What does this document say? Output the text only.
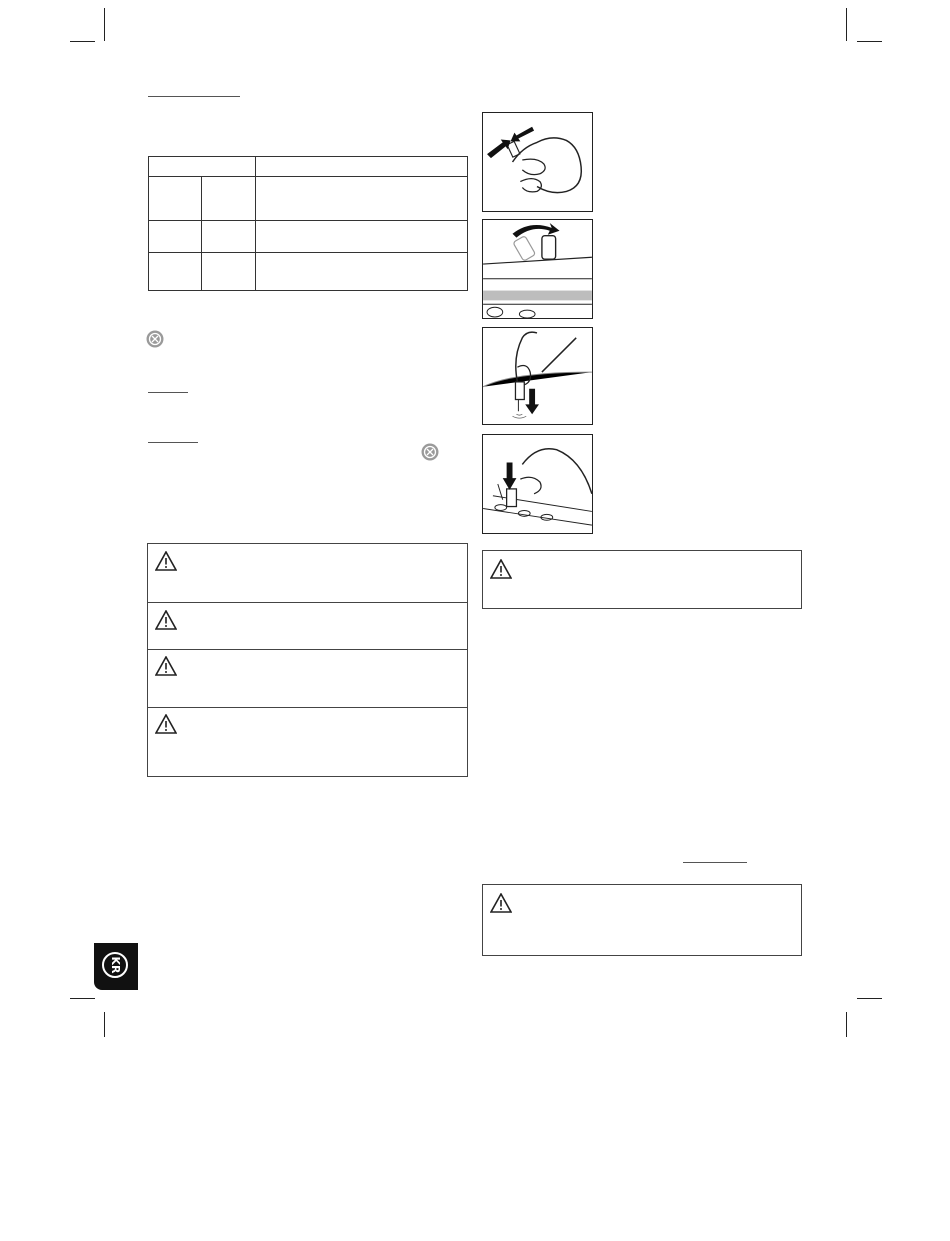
KR
